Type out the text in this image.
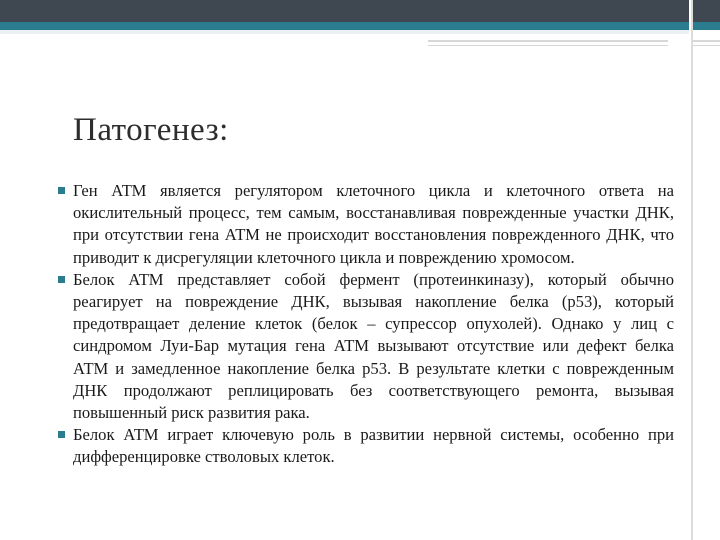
Патогенез:
Ген АТМ является регулятором клеточного цикла и клеточного ответа на окислительный процесс, тем самым, восстанавливая поврежденные участки ДНК, при отсутствии гена АТМ не происходит восстановления поврежденного ДНК, что приводит к дисрегуляции клеточного цикла и повреждению хромосом.
Белок АТМ представляет собой фермент (протеинкиназу), который обычно реагирует на повреждение ДНК, вызывая накопление белка (р53), который предотвращает деление клеток (белок – супрессор опухолей). Однако у лиц с синдромом Луи-Бар мутация гена АТМ вызывают отсутствие или дефект белка АТМ и замедленное накопление белка р53. В результате клетки с поврежденным ДНК продолжают реплицировать без соответствующего ремонта, вызывая повышенный риск развития рака.
Белок АТМ играет ключевую роль в развитии нервной системы, особенно при дифференцировке стволовых клеток.
